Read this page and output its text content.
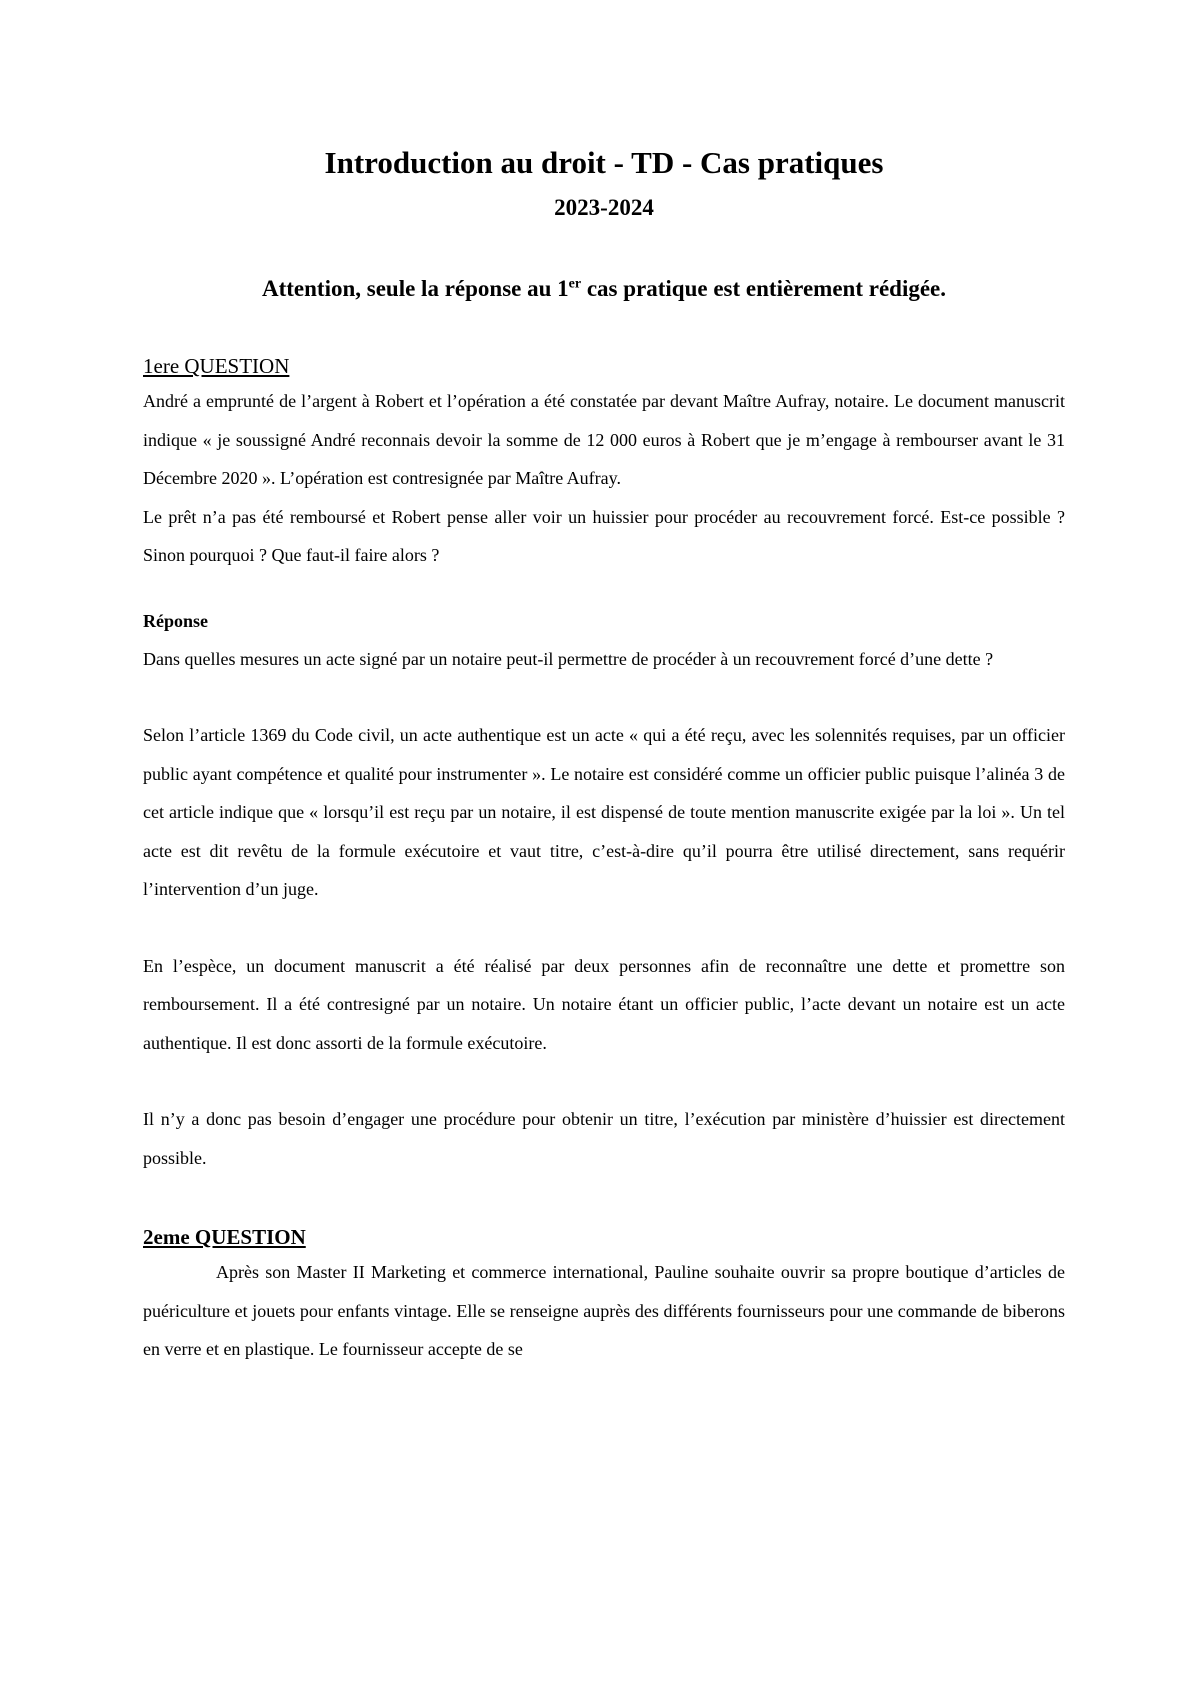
Introduction au droit - TD - Cas pratiques
2023-2024
Attention, seule la réponse au 1er cas pratique est entièrement rédigée.
1ere QUESTION

André a emprunté de l’argent à Robert et l’opération a été constatée par devant Maître Aufray, notaire. Le document manuscrit indique « je soussigné André reconnais devoir la somme de 12 000 euros à Robert que je m’engage à rembourser avant le 31 Décembre 2020 ». L’opération est contresignée par Maître Aufray.

Le prêt n’a pas été remboursé et Robert pense aller voir un huissier pour procéder au recouvrement forcé. Est-ce possible ? Sinon pourquoi ? Que faut-il faire alors ?

Réponse

Dans quelles mesures un acte signé par un notaire peut-il permettre de procéder à un recouvrement forcé d’une dette ?

Selon l’article 1369 du Code civil, un acte authentique est un acte « qui a été reçu, avec les solennités requises, par un officier public ayant compétence et qualité pour instrumenter ». Le notaire est considéré comme un officier public puisque l’alinéa 3 de cet article indique que « lorsqu’il est reçu par un notaire, il est dispensé de toute mention manuscrite exigée par la loi ». Un tel acte est dit revêtu de la formule exécutoire et vaut titre, c’est-à-dire qu’il pourra être utilisé directement, sans requérir l’intervention d’un juge.

En l’espèce, un document manuscrit a été réalisé par deux personnes afin de reconnaître une dette et promettre son remboursement. Il a été contresigné par un notaire. Un notaire étant un officier public, l’acte devant un notaire est un acte authentique. Il est donc assorti de la formule exécutoire.

Il n’y a donc pas besoin d’engager une procédure pour obtenir un titre, l’exécution par ministère d’huissier est directement possible.

2eme QUESTION

Après son Master II Marketing et commerce international, Pauline souhaite ouvrir sa propre boutique d’articles de puériculture et jouets pour enfants vintage. Elle se renseigne auprès des différents fournisseurs pour une commande de biberons en verre et en plastique. Le fournisseur accepte de se
